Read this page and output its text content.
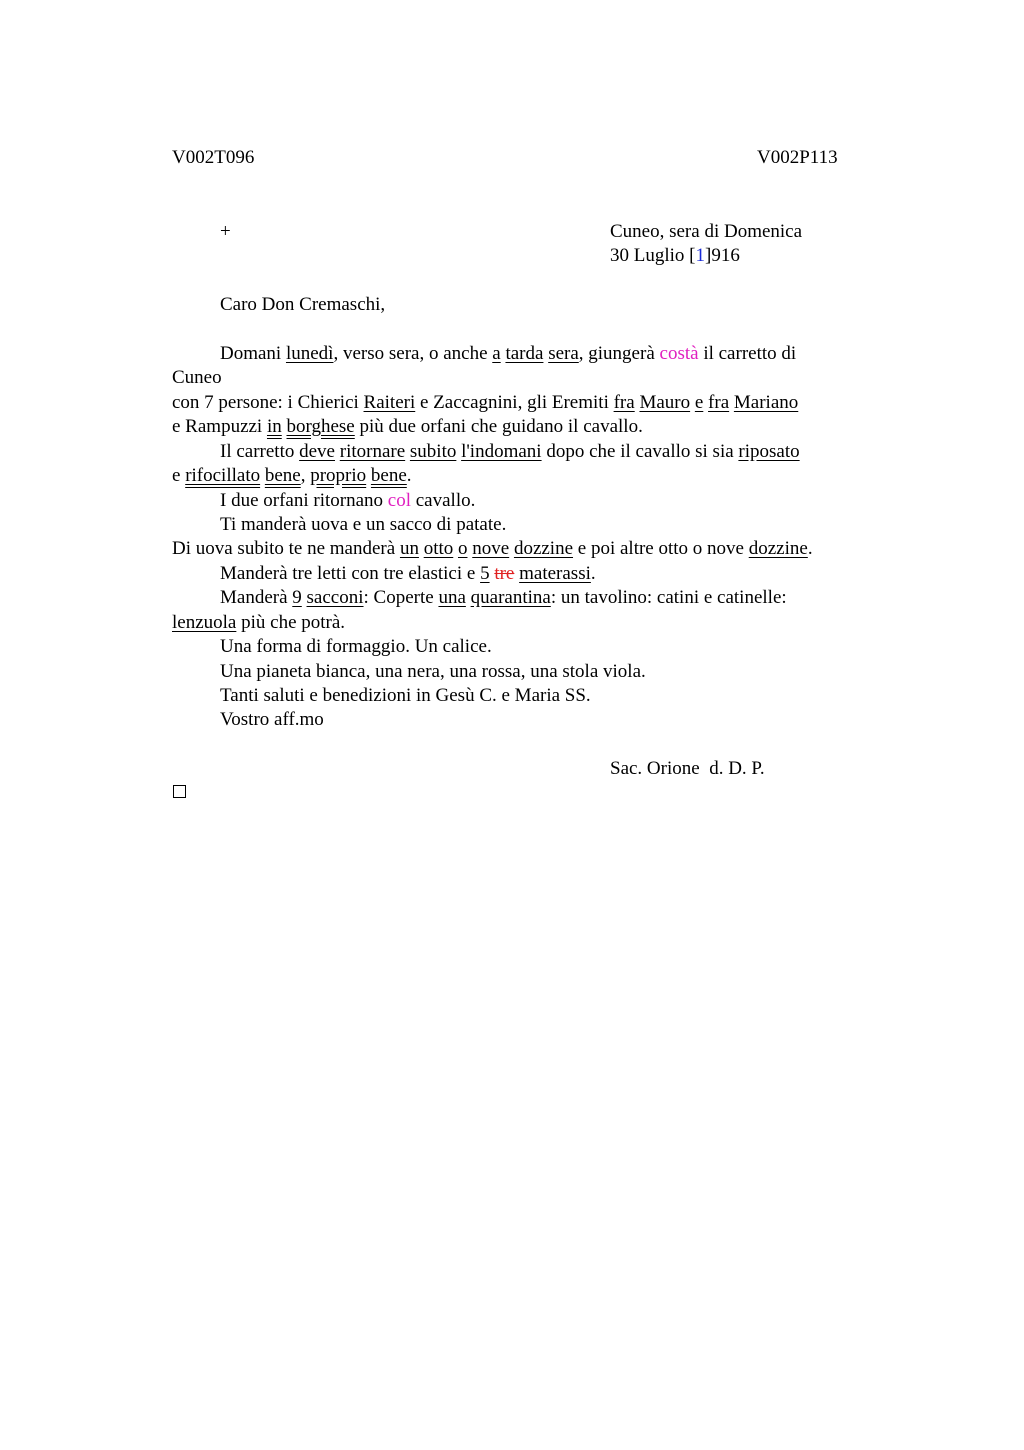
V002T096	V002P113
+	Cuneo, sera di Domenica
30 Luglio [1]916
Caro Don Cremaschi,
Domani lunedì, verso sera, o anche a tarda sera, giungerà costà il carretto di
Cuneo
con 7 persone: i Chierici Raiteri e Zaccagnini, gli Eremiti fra Mauro e fra Mariano
e Rampuzzi in borghese più due orfani che guidano il cavallo.
Il carretto deve ritornare subito l'indomani dopo che il cavallo si sia riposato
e rifocillato bene, proprio bene.
I due orfani ritornano col cavallo.
Ti manderà uova e un sacco di patate.
Di uova subito te ne manderà un otto o nove dozzine e poi altre otto o nove dozzine.
Manderà tre letti con tre elastici e 5 tre materassi.
Manderà 9 sacconi: Coperte una quarantina: un tavolino: catini e catinelle:
lenzuola più che potrà.
Una forma di formaggio. Un calice.
Una pianeta bianca, una nera, una rossa, una stola viola.
Tanti saluti e benedizioni in Gesù C. e Maria SS.
Vostro aff.mo
Sac. Orione  d. D. P.
